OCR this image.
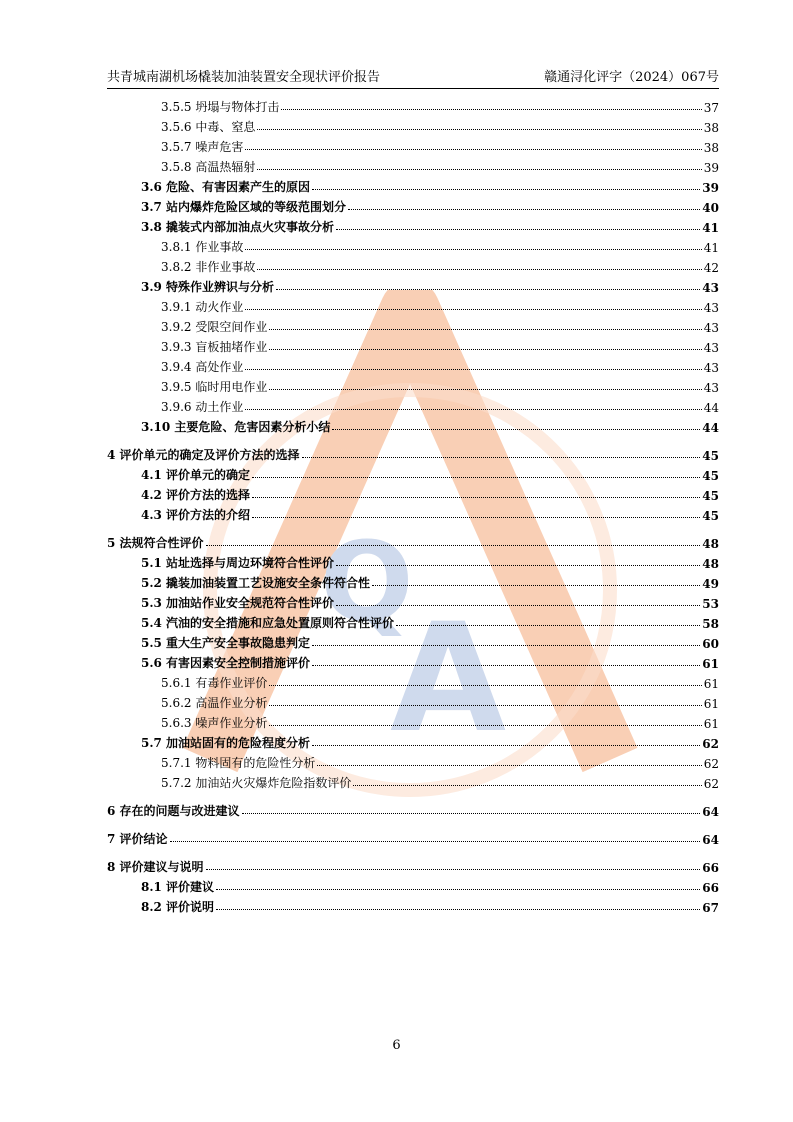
A
Q
共青城南湖机场橇装加油装置安全现状评价报告	赣通浔化评字（2024）067号
3.5.5 坍塌与物体打击	37
3.5.6 中毒、窒息	38
3.5.7 噪声危害	38
3.5.8 高温热辐射	39
3.6 危险、有害因素产生的原因	39
3.7 站内爆炸危险区域的等级范围划分	40
3.8 撬装式内部加油点火灾事故分析	41
3.8.1 作业事故	41
3.8.2 非作业事故	42
3.9 特殊作业辨识与分析	43
3.9.1 动火作业	43
3.9.2 受限空间作业	43
3.9.3 盲板抽堵作业	43
3.9.4 高处作业	43
3.9.5 临时用电作业	43
3.9.6 动土作业	44
3.10 主要危险、危害因素分析小结	44
4 评价单元的确定及评价方法的选择	45
4.1 评价单元的确定	45
4.2 评价方法的选择	45
4.3 评价方法的介绍	45
5 法规符合性评价	48
5.1 站址选择与周边环境符合性评价	48
5.2 撬装加油装置工艺设施安全条件符合性	49
5.3 加油站作业安全规范符合性评价	53
5.4 汽油的安全措施和应急处置原则符合性评价	58
5.5 重大生产安全事故隐患判定	60
5.6 有害因素安全控制措施评价	61
5.6.1 有毒作业评价	61
5.6.2 高温作业分析	61
5.6.3 噪声作业分析	61
5.7 加油站固有的危险程度分析	62
5.7.1 物料固有的危险性分析	62
5.7.2 加油站火灾爆炸危险指数评价	62
6 存在的问题与改进建议	64
7 评价结论	64
8 评价建议与说明	66
8.1 评价建议	66
8.2 评价说明	67
6
